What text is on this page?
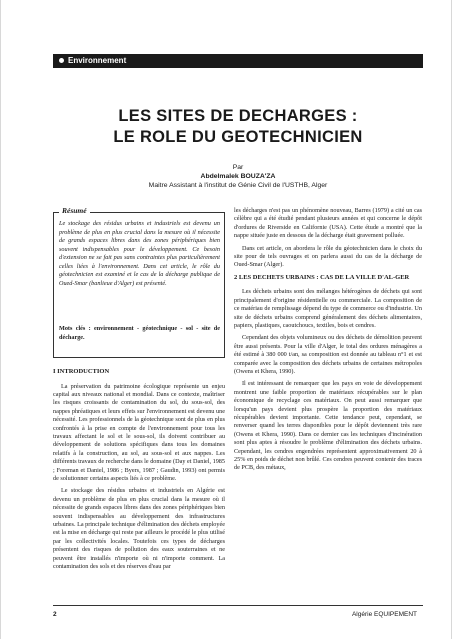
Environnement
LES SITES DE DECHARGES :
LE ROLE DU GEOTECHNICIEN
Par
Abdelmalek BOUZA'ZA
Maitre Assistant à l'institut de Génie Civil de l'USTHB, Alger
Résumé
Le stockage des résidus urbains et industriels est devenu un problème de plus en plus crucial dans la mesure où il nécessite de grands espaces libres dans des zones périphériques bien souvent indispensables pour le développement. Ce besoin d'extension ne se fait pas sans contraintes plus particulièrement celles liées à l'environnement. Dans cet article, le rôle du géotechnicien est examiné et le cas de la décharge publique de Oued-Smar (banlieue d'Alger) est présenté.
Mots clés : environnement - géotechnique - sol - site de décharge.
I INTRODUCTION

La préservation du patrimoine écologique représente un enjeu capital aux niveaux national et mondial. Dans ce contexte, maîtriser les risques croissants de contamination du sol, du sous-sol, des nappes phréatiques et leurs effets sur l'environnement est devenu une nécessité. Les professionnels de la géotechnique sont de plus en plus confrontés à la prise en compte de l'environnement pour tous les travaux affectant le sol et le sous-sol, ils doivent contribuer au développement de solutions spécifiques dans tous les domaines relatifs à la construction, au sol, au sous-sol et aux nappes. Les différents travaux de recherche dans le domaine (Day et Daniel, 1985 ; Foreman et Daniel, 1986 ; Byers, 1987 ; Gaudin, 1993) ont permis de solutionner certains aspects liés à ce problème.

Le stockage des résidus urbains et industriels en Algérie est devenu un problème de plus en plus crucial dans la mesure où il nécessite de grands espaces libres dans des zones périphériques bien souvent indispensables au développement des infrastructures urbaines. La principale technique d'élimination des déchets employée est la mise en décharge qui reste par ailleurs le procédé le plus utilisé par les collectivités locales. Toutefois ces types de décharges présentent des risques de pollution des eaux souterraines et ne peuvent être installés n'importe où ni n'importe comment. La contamination des sols et des réserves d'eau par

les décharges n'est pas un phénomène nouveau, Barres (1979) a cité un cas célèbre qui a été étudié pendant plusieurs années et qui concerne le dépôt d'ordures de Riverside en Californie (USA). Cette étude a montré que la nappe située juste en dessous de la décharge était gravement polluée.

Dans cet article, on abordera le rôle du géotechnicien dans le choix du site pour de tels ouvrages et on parlera aussi du cas de la décharge de Oued-Smar (Alger).

2 LES DECHETS URBAINS : CAS DE LA VILLE D'AL-GER

Les déchets urbains sont des mélanges hétérogènes de déchets qui sont principalement d'origine résidentielle ou commerciale. La composition de ce matériau de remplissage dépend du type de commerce ou d'industrie. Un site de déchets urbains comprend généralement des déchets alimentaires, papiers, plastiques, caoutchoucs, textiles, bois et cendres.

Cependant des objets volumineux ou des déchets de démolition peuvent être aussi présents. Pour la ville d'Alger, le total des ordures ménagères a été estimé à 380 000 t/an, sa composition est donnée au tableau n°1 et est comparée avec la composition des déchets urbains de certaines métropoles (Owens et Khera, 1990).

Il est intéressant de remarquer que les pays en voie de développement montrent une faible proportion de matériaux récupérables sur le plan économique de recyclage ces matériaux. On peut aussi remarquer que lorsqu'un pays devient plus prospère la proportion des matériaux récupérables devient importante. Cette tendance peut, cependant, se renverser quand les terres disponibles pour le dépôt deviennent très rare (Owens et Khera, 1990). Dans ce dernier cas les techniques d'incinération sont plus aptes à résoudre le problème d'élimination des déchets urbains. Cependant, les cendres engendrées représentent approximativement 20 à 25% en poids de déchet non brûlé. Ces cendres peuvent contenir des traces de PCB, des métaux,

2	Algérie EQUIPEMENT
